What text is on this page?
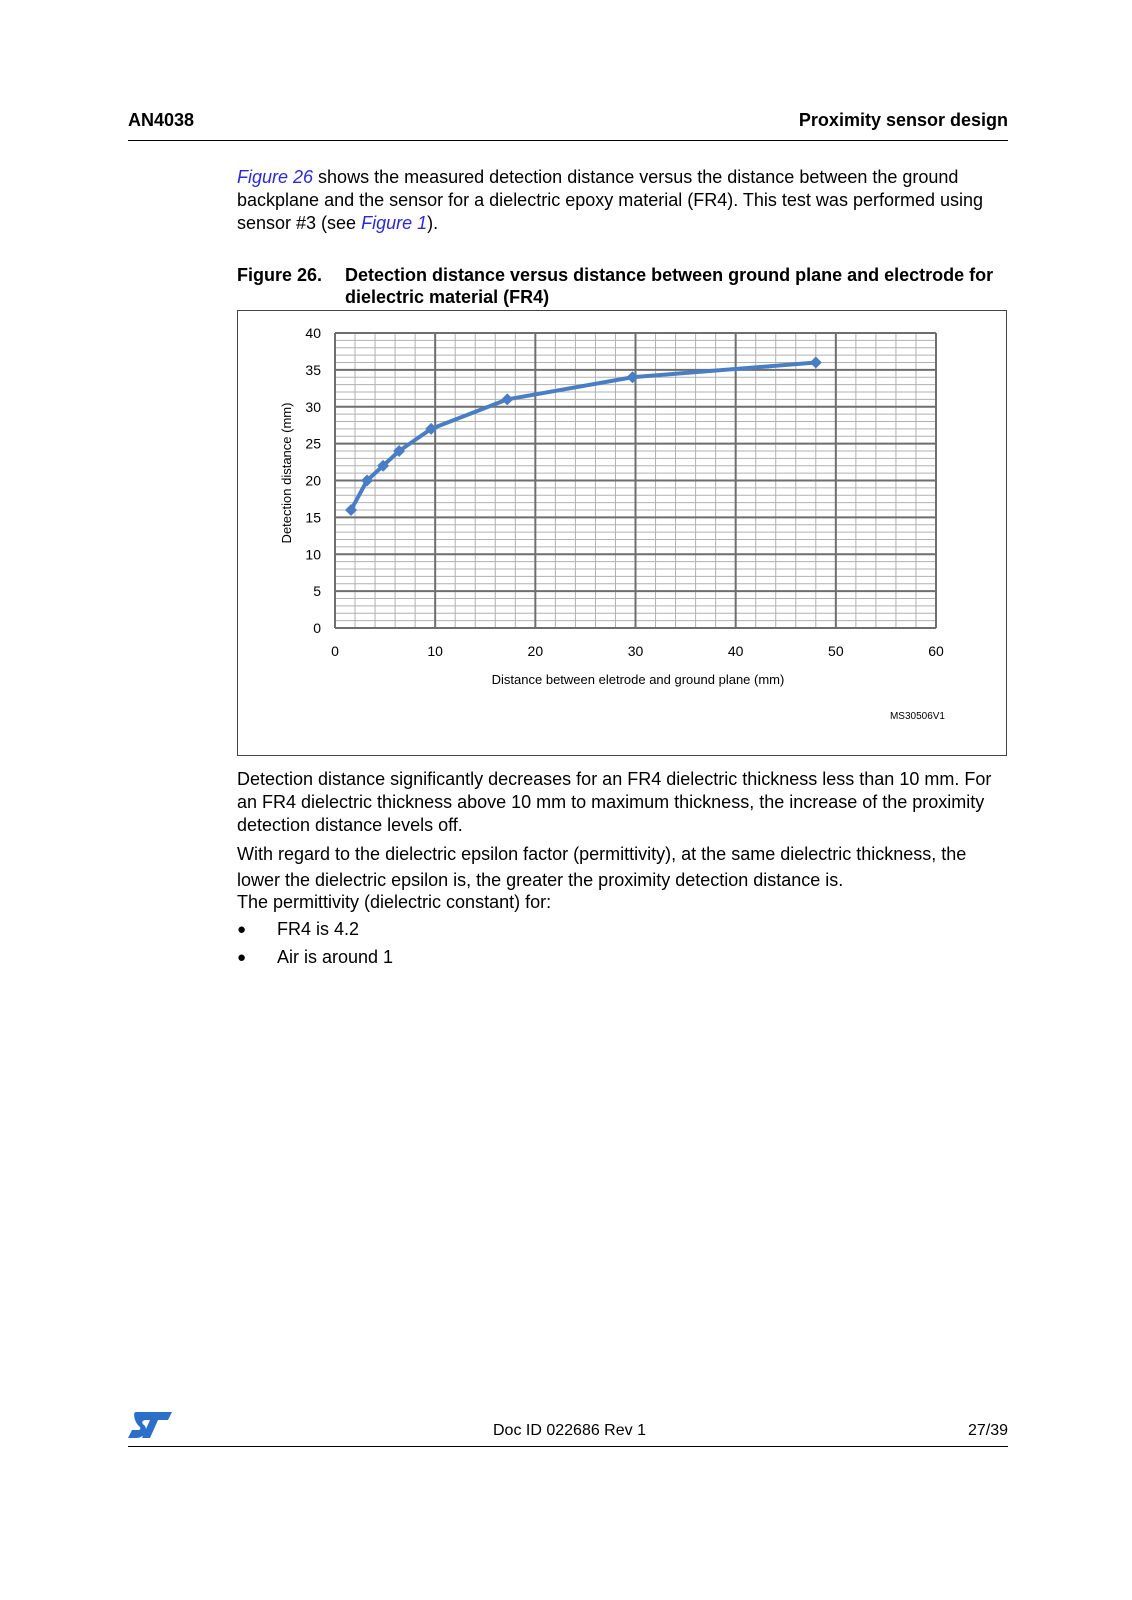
AN4038	Proximity sensor design

Figure 26 shows the measured detection distance versus the distance between the ground backplane and the sensor for a dielectric epoxy material (FR4). This test was performed using sensor #3 (see Figure 1).

Figure 26. Detection distance versus distance between ground plane and electrode for dielectric material (FR4)
0	10	20	30	40	50	60
0
5
10
15
20
25
30
35
40
Detection distance (mm)
Distance between eletrode and ground plane (mm)
MS30506V1

Detection distance significantly decreases for an FR4 dielectric thickness less than 10 mm. For an FR4 dielectric thickness above 10 mm to maximum thickness, the increase of the proximity detection distance levels off.

With regard to the dielectric epsilon factor (permittivity), at the same dielectric thickness, the lower the dielectric epsilon is, the greater the proximity detection distance is.

The permittivity (dielectric constant) for:

● FR4 is 4.2
● Air is around 1
Doc ID 022686 Rev 1	27/39
